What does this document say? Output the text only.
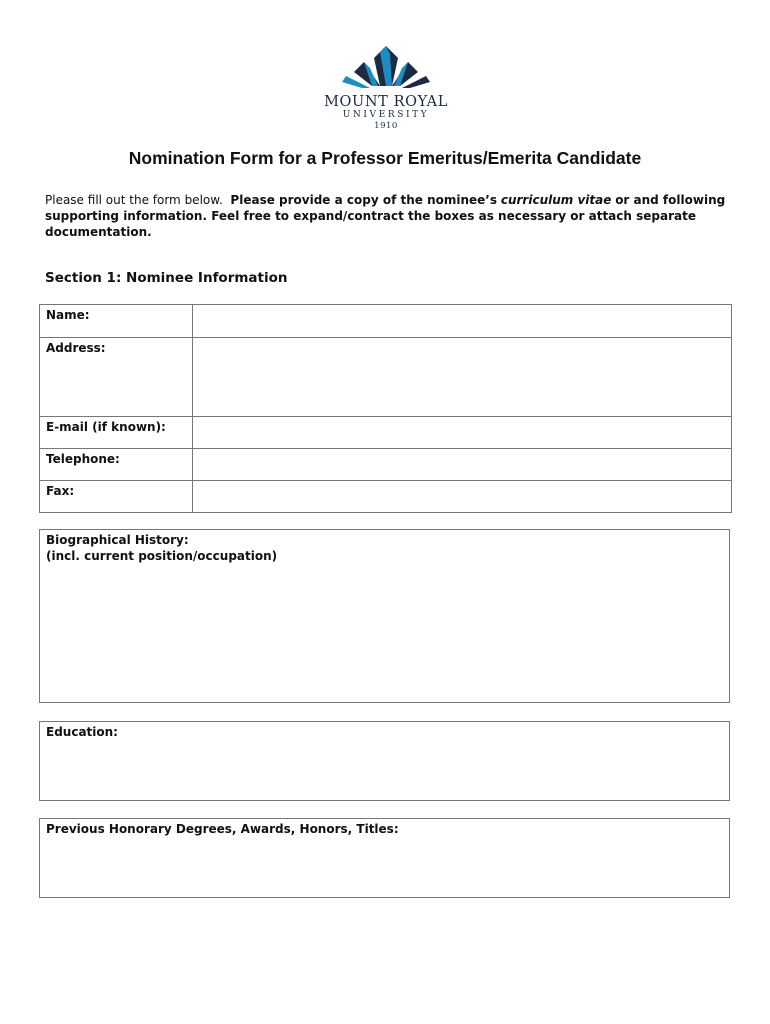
MOUNT ROYAL
UNIVERSITY
1910
Nomination Form for a Professor Emeritus/Emerita Candidate
Please fill out the form below. Please provide a copy of the nominee’s curriculum vitae or and following supporting information. Feel free to expand/contract the boxes as necessary or attach separate documentation.
Section 1: Nominee Information
Name:	
Address:	
E-mail (if known):	
Telephone:	
Fax:	
Biographical History:
(incl. current position/occupation)
Education:
Previous Honorary Degrees, Awards, Honors, Titles:
